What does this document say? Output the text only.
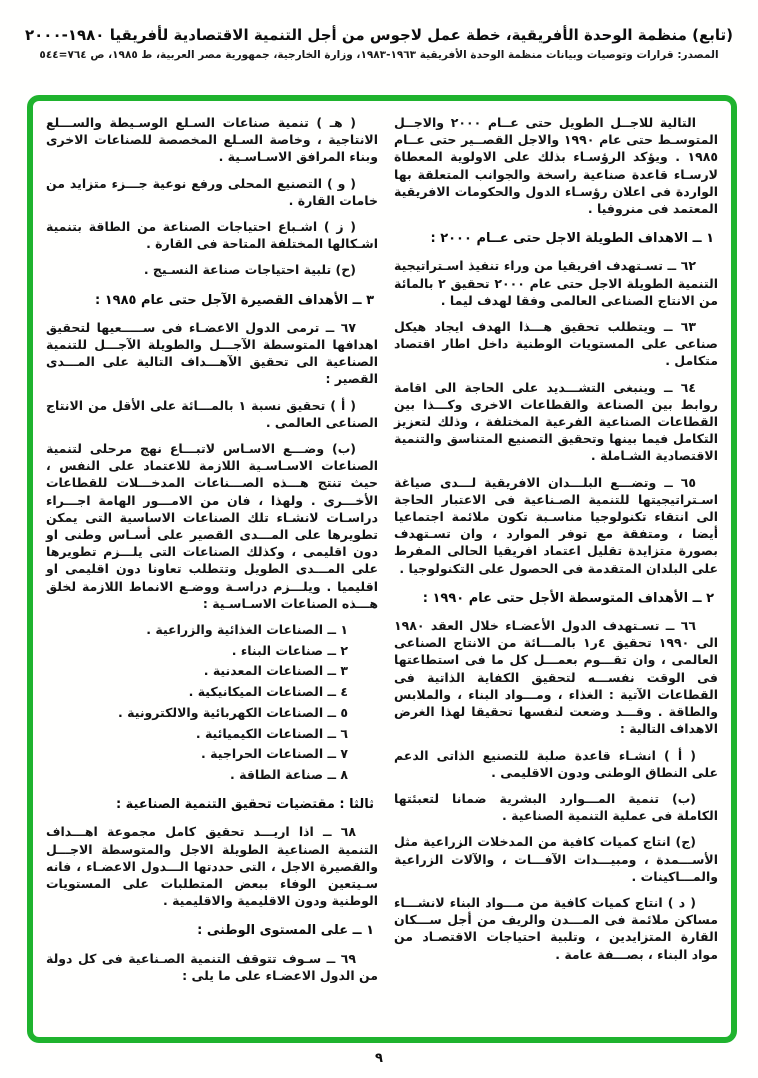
(تابع) منظمة الوحدة الأفريقية، خطة عمل لاجوس من أجل التنمية الاقتصادية لأفريقيا ١٩٨٠-٢٠٠٠
المصدر: قرارات وتوصيات وبيانات منظمة الوحدة الأفريقية ١٩٦٣-١٩٨٣، وزارة الخارجية، جمهورية مصر العربية، ط ١٩٨٥، ص ٧٦٤=٥٤٤
التالية للاجــل الطويل حتى عــام ٢٠٠٠ والاجــل المتوسـط حتى عام ١٩٩٠ والاجل القصــير حتى عــام ١٩٨٥ . ويؤكد الرؤسـاء بذلك على الاولوية المعطاة لارسـاء قاعدة صناعية راسخة والجوانب المتعلقة بها الواردة فى اعلان رؤسـاء الدول والحكومات الافريقية المعتمد فى منروفيا .
١ ــ الاهداف الطويلة الاجل حتى عــام ٢٠٠٠ :
٦٢ ــ تسـتهدف افريقيا من وراء تنفيذ اسـتراتيجية التنمية الطويلة الاجل حتى عام ٢٠٠٠ تحقيق ٢ بالمائة من الانتاج الصناعى العالمى وفقا لهدف ليما .
٦٣ ــ ويتطلب تحقيق هـــذا الهدف ايجاد هيكل صناعى على المستويات الوطنية داخل اطار اقتصاد متكامل .
٦٤ ــ وينبغى التشـــديد على الحاجة الى اقامة روابط بين الصناعة والقطاعات الاخرى وكـــذا بين القطاعات الصناعية الفرعية المختلفة ، وذلك لتعزيز التكامل فيما بينها وتحقيق التصنيع المتناسق والتنمية الاقتصادية الشـاملة .
٦٥ ــ وتضـــع البلـــدان الافريقية لـــدى صياغة اسـتراتيجيتها للتنمية الصـناعية فى الاعتبار الحاجة الى انتقاء تكنولوجيا مناسـبة تكون ملائمة اجتماعيا أيضا ، ومتفقة مع توفر الموارد ، وان تسـتهدف بصورة متزايدة تقليل اعتماد افريقيا الحالى المفرط على البلدان المتقدمة فى الحصول على التكنولوجيا .
٢ ــ الأهداف المتوسطة الأجل حتى عام ١٩٩٠ :
٦٦ ــ تسـتهدف الدول الأعضـاء خلال العقد ١٩٨٠ الى ١٩٩٠ تحقيق ٤ر١ بالمـــائة من الانتاج الصناعى العالمى ، وان تقـــوم بعمـــل كل ما فى استطاعتها فى الوقت نفســـه لتحقيق الكفاية الذاتية فى القطاعات الآتية : الغذاء ، ومـــواد البناء ، والملابس والطاقة . وقـــد وضعت لنفسها تحقيقا لهذا الغرض الاهداف التالية :
( أ ) انشـاء قاعدة صلبة للتصنيع الذاتى الدعم على النطاق الوطنى ودون الاقليمى .
(ب) تنمية المـــوارد البشرية ضمانا لتعبئتها الكاملة فى عملية التنمية الصناعية .
(ج) انتاج كميات كافية من المدخلات الزراعية مثل الأســـمدة ، ومبيـــدات الآفـــات ، والآلات الزراعية والمـــاكينات .
( د ) انتاج كميات كافية من مـــواد البناء لانشـــاء مساكن ملائمة فى المـــدن والريف من أجل ســـكان القارة المتزايدين ، وتلبية احتياجات الاقتصـاد من مواد البناء ، بصـــفة عامة .
( هـ ) تنمية صناعات السـلع الوسـيطة والســـلع الانتاجية ، وخاصة السـلع المخصصة للصناعات الاخرى وبناء المرافق الاسـاسـية .
( و ) التصنيع المحلى ورفع نوعية جـــزء متزايد من خامات القارة .
( ز ) اشـباع احتياجات الصناعة من الطاقة بتنمية اشـكالها المختلفة المتاحة فى القارة .
(ح) تلبية احتياجات صناعة النسـيج .
٣ ــ الأهداف القصيرة الآجل حتى عام ١٩٨٥ :
٦٧ ــ ترمى الدول الاعضـاء فى ســـــعيها لتحقيق اهدافها المتوسطة الآجـــل والطويلة الآجـــل للتنمية الصناعية الى تحقيق الآهـــداف التالية على المـــدى القصير :
( أ ) تحقيق نسبة ١ بالمـــائة على الأقل من الانتاج الصناعى العالمى .
(ب) وضـــع الاسـاس لاتبـــاع نهج مرحلى لتنمية الصناعات الاسـاسـية اللازمة للاعتماد على النفس ، حيث تنتج هـــذه الصـــناعات المدخـــلات للقطاعات الأخـــرى . ولهذا ، فان من الامـــور الهامة اجـــراء دراسـات لانشـاء تلك الصناعات الاساسية التى يمكن تطويرها على المـــدى القصير على أسـاس وطنى او دون اقليمى ، وكذلك الصناعات التى يلـــزم تطويرها على المـــدى الطويل وتتطلب تعاونا دون اقليمى او اقليميا . ويلـــزم دراسـة ووضـع الانماط اللازمة لخلق هـــذه الصناعات الاسـاسـية :
١ ــ الصناعات الغذائية والزراعية .
٢ ــ صناعات البناء .
٣ ــ الصناعات المعدنية .
٤ ــ الصناعات الميكانيكية .
٥ ــ الصناعات الكهربائية والالكترونية .
٦ ــ الصناعات الكيميائية .
٧ ــ الصناعات الحراجية .
٨ ــ صناعة الطاقة .
ثالثا : مقتضيات تحقيق التنمية الصناعية :
٦٨ ــ اذا اريـــد تحقيق كامل مجموعة اهـــداف التنمية الصناعية الطويلة الاجل والمتوسطة الاجـــل والقصيرة الاجل ، التى حددتها الـــدول الاعضـاء ، فانه سـيتعين الوفاء ببعض المتطلبات على المستويات الوطنية ودون الاقليمية والاقليمية .
١ ــ على المستوى الوطنى :
٦٩ ــ سـوف تتوقف التنمية الصـناعية فى كل دولة من الدول الاعضـاء على ما يلى :
٩
